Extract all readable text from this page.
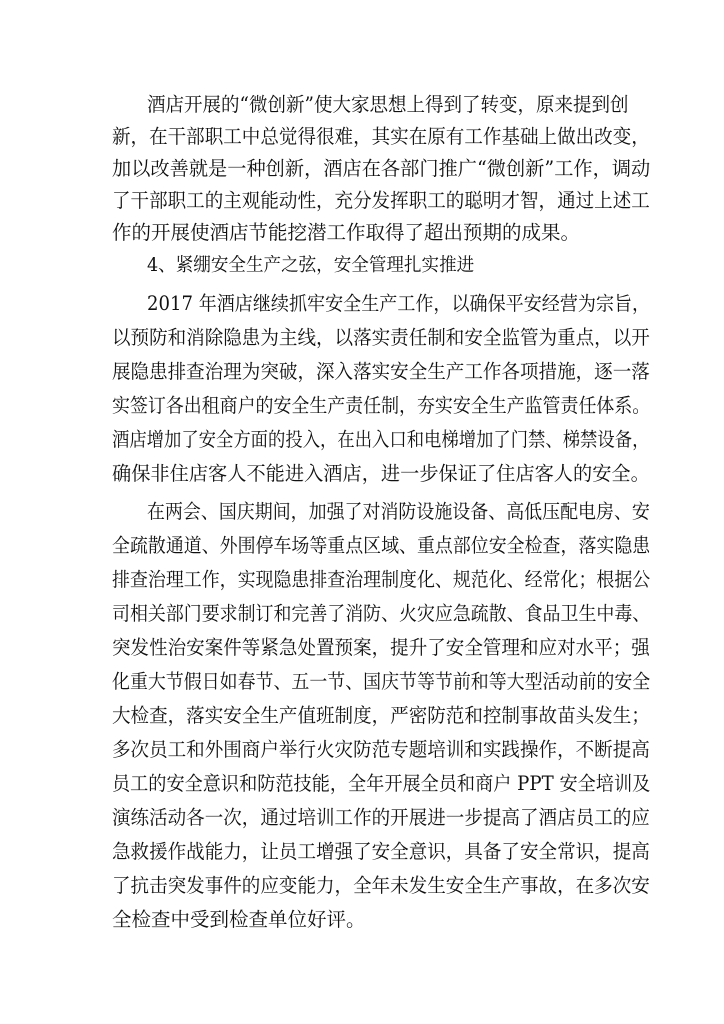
酒店开展的“微创新”使大家思想上得到了转变，原来提到创
新，在干部职工中总觉得很难，其实在原有工作基础上做出改变，
加以改善就是一种创新，酒店在各部门推广“微创新”工作，调动
了干部职工的主观能动性，充分发挥职工的聪明才智，通过上述工
作的开展使酒店节能挖潜工作取得了超出预期的成果。
4、紧绷安全生产之弦，安全管理扎实推进
2017 年酒店继续抓牢安全生产工作，以确保平安经营为宗旨，
以预防和消除隐患为主线，以落实责任制和安全监管为重点，以开
展隐患排查治理为突破，深入落实安全生产工作各项措施，逐一落
实签订各出租商户的安全生产责任制，夯实安全生产监管责任体系。
酒店增加了安全方面的投入，在出入口和电梯增加了门禁、梯禁设备，
确保非住店客人不能进入酒店，进一步保证了住店客人的安全。
在两会、国庆期间，加强了对消防设施设备、高低压配电房、安
全疏散通道、外围停车场等重点区域、重点部位安全检查，落实隐患
排查治理工作，实现隐患排查治理制度化、规范化、经常化；根据公
司相关部门要求制订和完善了消防、火灾应急疏散、食品卫生中毒、
突发性治安案件等紧急处置预案，提升了安全管理和应对水平；强
化重大节假日如春节、五一节、国庆节等节前和等大型活动前的安全
大检查，落实安全生产值班制度，严密防范和控制事故苗头发生；
多次员工和外围商户举行火灾防范专题培训和实践操作，不断提高
员工的安全意识和防范技能，全年开展全员和商户 PPT 安全培训及
演练活动各一次，通过培训工作的开展进一步提高了酒店员工的应
急救援作战能力，让员工增强了安全意识，具备了安全常识，提高
了抗击突发事件的应变能力，全年未发生安全生产事故，在多次安
全检查中受到检查单位好评。
